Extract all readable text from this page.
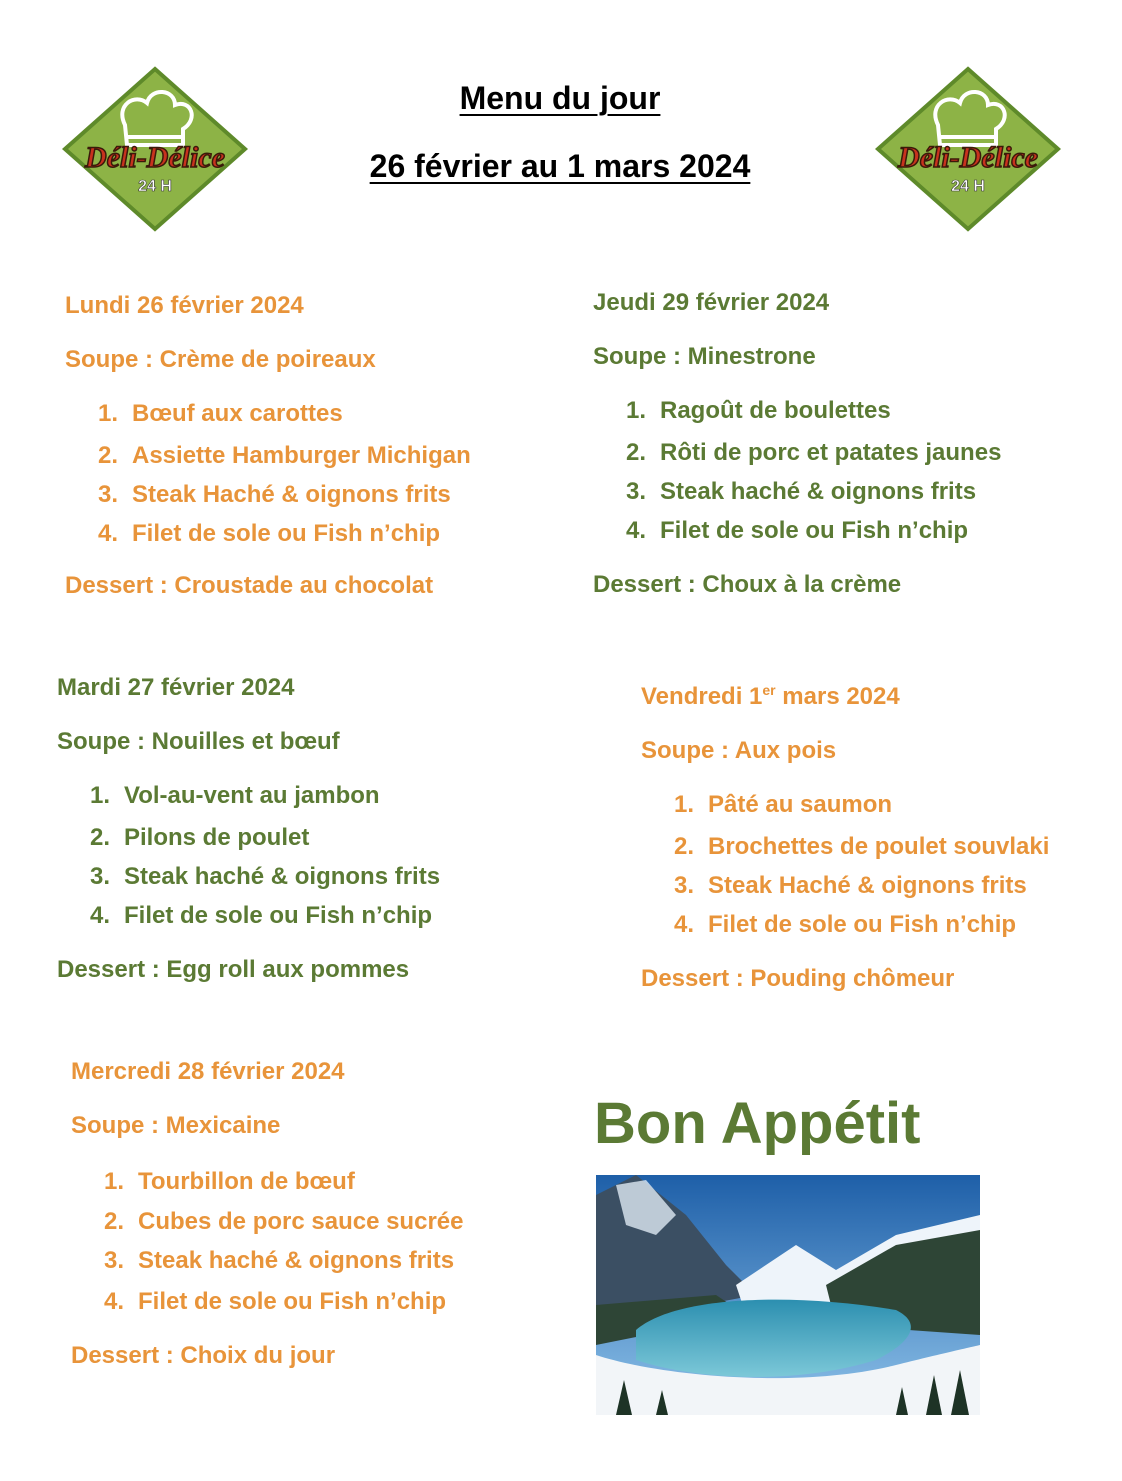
Menu du jour
26 février au 1 mars 2024
Déli-Délice
24 H
Déli-Délice
24 H
Lundi 26 février 2024
Soupe : Crème de poireaux
1. Bœuf aux carottes
2. Assiette Hamburger Michigan
3. Steak Haché & oignons frits
4. Filet de sole ou Fish n’chip
Dessert : Croustade au chocolat
Jeudi 29 février 2024
Soupe : Minestrone
1. Ragoût de boulettes
2. Rôti de porc et patates jaunes
3. Steak haché & oignons frits
4. Filet de sole ou Fish n’chip
Dessert : Choux à la crème
Mardi 27 février 2024
Soupe : Nouilles et bœuf
1. Vol-au-vent au jambon
2. Pilons de poulet
3. Steak haché & oignons frits
4. Filet de sole ou Fish n’chip
Dessert : Egg roll aux pommes
Vendredi 1er mars 2024
Soupe : Aux pois
1. Pâté au saumon
2. Brochettes de poulet souvlaki
3. Steak Haché & oignons frits
4. Filet de sole ou Fish n’chip
Dessert : Pouding chômeur
Mercredi 28 février 2024
Soupe : Mexicaine
1. Tourbillon de bœuf
2. Cubes de porc sauce sucrée
3. Steak haché & oignons frits
4. Filet de sole ou Fish n’chip
Dessert : Choix du jour
Bon Appétit
